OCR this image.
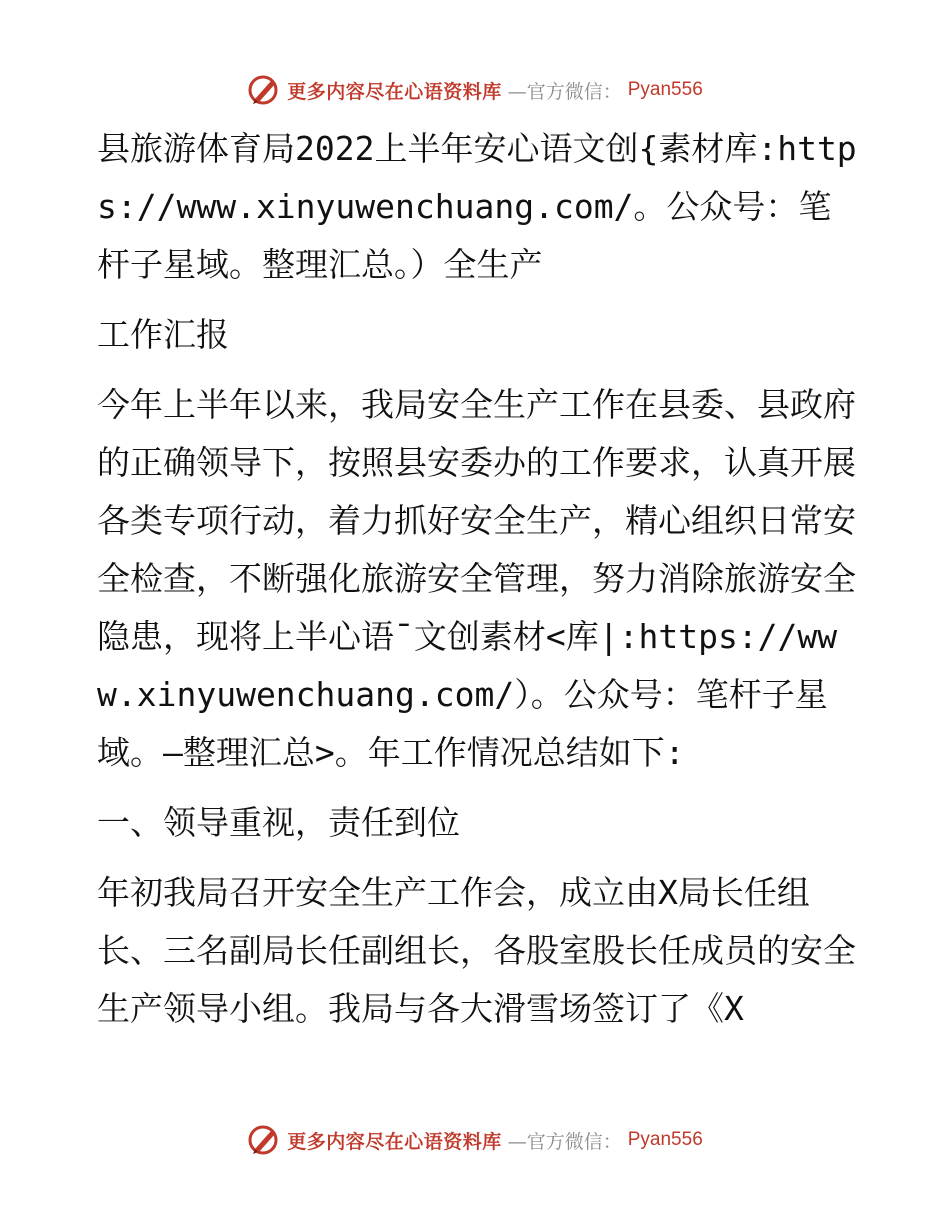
更多内容尽在心语资料库 —官方微信： Pyan556

县旅游体育局2022上半年安心语文创{素材库:https://www.xinyuwenchuang.com/。公众号：笔杆子星域。整理汇总。）全生产

工作汇报

今年上半年以来，我局安全生产工作在县委、县政府的正确领导下，按照县安委办的工作要求，认真开展各类专项行动，着力抓好安全生产，精心组织日常安全检查，不断强化旅游安全管理，努力消除旅游安全隐患，现将上半心语¯文创素材<库|:https://www.xinyuwenchuang.com/）。公众号：笔杆子星域。—整理汇总>。年工作情况总结如下:

一、领导重视，责任到位

年初我局召开安全生产工作会，成立由X局长任组长、三名副局长任副组长，各股室股长任成员的安全生产领导小组。我局与各大滑雪场签订了《X

更多内容尽在心语资料库 —官方微信： Pyan556
